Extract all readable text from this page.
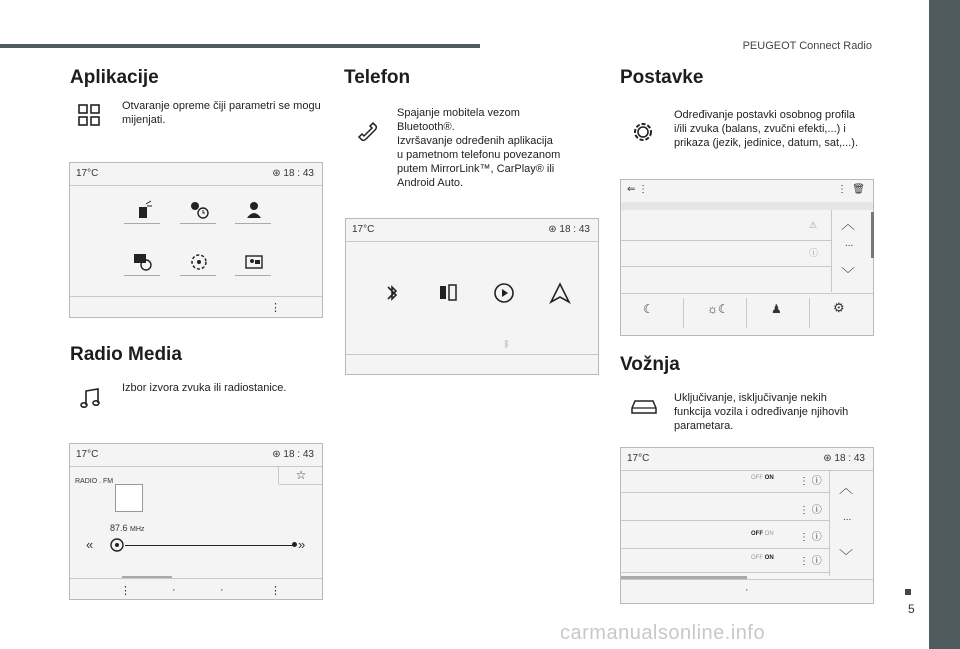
PEUGEOT Connect Radio
5
carmanualsonline.info
Aplikacije
Otvaranje opreme čiji parametri se mogu mijenjati.
17°C	⊛ 18 : 43
⋮
Radio Media
Izbor izvora zvuka ili radiostanice.
17°C	⊛ 18 : 43
☆
RADIO . FM
87.6 MHz
«	»
⋮	·	·	⋮
Telefon
Spajanje mobitela vezom
Bluetooth®.
Izvršavanje određenih aplikacija
u pametnom telefonu povezanom
putem MirrorLink™, CarPlay® ili
Android Auto.
17°C	⊛ 18 : 43
ᛒ
Postavke
Određivanje postavki osobnog profila i/ili zvuka (balans, zvučni efekti,...) i prikaza (jezik, jedinice, datum, sat,...).
⇐ ⋮	⋮ 🗑
⚠
ⓘ
︿
...
﹀
☾	☼☾	♟	⚙
Vožnja
Uključivanje, isključivanje nekih funkcija vozila i određivanje njihovih parametara.
17°C	⊛ 18 : 43
OFF ON	⋮ ⓘ
⋮ ⓘ
OFF ON	⋮ ⓘ
OFF ON	⋮ ⓘ
︿
...
﹀
·
